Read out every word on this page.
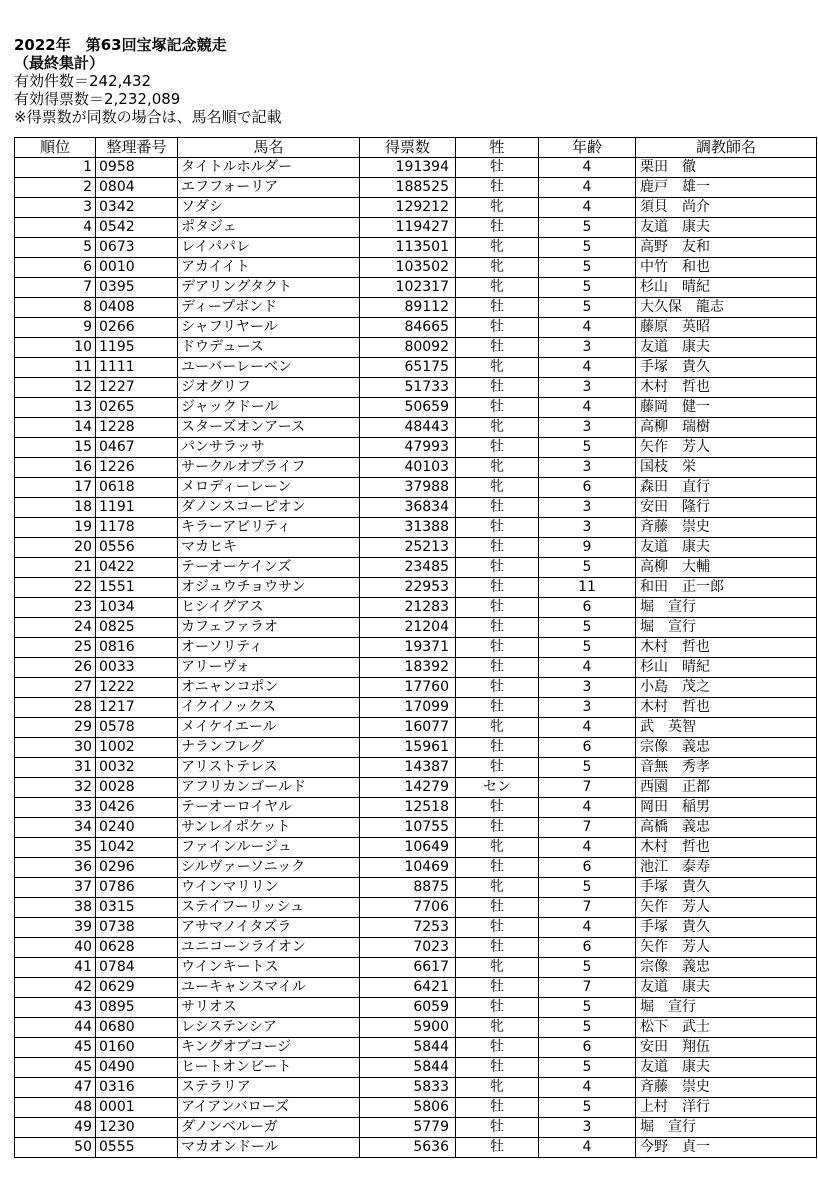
2022年　第63回宝塚記念競走
（最終集計）
有効件数＝242,432
有効得票数＝2,232,089
※得票数が同数の場合は、馬名順で記載
順位	整理番号	馬名	得票数	牲	年齢	調教師名
1	0958	タイトルホルダー	191394	牡	4	栗田　徹
2	0804	エフフォーリア	188525	牡	4	鹿戸　雄一
3	0342	ソダシ	129212	牝	4	須貝　尚介
4	0542	ポタジェ	119427	牡	5	友道　康夫
5	0673	レイパパレ	113501	牝	5	高野　友和
6	0010	アカイイト	103502	牝	5	中竹　和也
7	0395	デアリングタクト	102317	牝	5	杉山　晴紀
8	0408	ディープボンド	89112	牡	5	大久保　龍志
9	0266	シャフリヤール	84665	牡	4	藤原　英昭
10	1195	ドウデュース	80092	牡	3	友道　康夫
11	1111	ユーバーレーベン	65175	牝	4	手塚　貴久
12	1227	ジオグリフ	51733	牡	3	木村　哲也
13	0265	ジャックドール	50659	牡	4	藤岡　健一
14	1228	スターズオンアース	48443	牝	3	高柳　瑞樹
15	0467	パンサラッサ	47993	牡	5	矢作　芳人
16	1226	サークルオブライフ	40103	牝	3	国枝　栄
17	0618	メロディーレーン	37988	牝	6	森田　直行
18	1191	ダノンスコーピオン	36834	牡	3	安田　隆行
19	1178	キラーアビリティ	31388	牡	3	斉藤　崇史
20	0556	マカヒキ	25213	牡	9	友道　康夫
21	0422	テーオーケインズ	23485	牡	5	高柳　大輔
22	1551	オジュウチョウサン	22953	牡	11	和田　正一郎
23	1034	ヒシイグアス	21283	牡	6	堀　宣行
24	0825	カフェファラオ	21204	牡	5	堀　宣行
25	0816	オーソリティ	19371	牡	5	木村　哲也
26	0033	アリーヴォ	18392	牡	4	杉山　晴紀
27	1222	オニャンコポン	17760	牡	3	小島　茂之
28	1217	イクイノックス	17099	牡	3	木村　哲也
29	0578	メイケイエール	16077	牝	4	武　英智
30	1002	ナランフレグ	15961	牡	6	宗像　義忠
31	0032	アリストテレス	14387	牡	5	音無　秀孝
32	0028	アフリカンゴールド	14279	セン	7	西園　正都
33	0426	テーオーロイヤル	12518	牡	4	岡田　稲男
34	0240	サンレイポケット	10755	牡	7	高橋　義忠
35	1042	ファインルージュ	10649	牝	4	木村　哲也
36	0296	シルヴァーソニック	10469	牡	6	池江　泰寿
37	0786	ウインマリリン	8875	牝	5	手塚　貴久
38	0315	ステイフーリッシュ	7706	牡	7	矢作　芳人
39	0738	アサマノイタズラ	7253	牡	4	手塚　貴久
40	0628	ユニコーンライオン	7023	牡	6	矢作　芳人
41	0784	ウインキートス	6617	牝	5	宗像　義忠
42	0629	ユーキャンスマイル	6421	牡	7	友道　康夫
43	0895	サリオス	6059	牡	5	堀　宣行
44	0680	レシステンシア	5900	牝	5	松下　武士
45	0160	キングオブコージ	5844	牡	6	安田　翔伍
45	0490	ヒートオンビート	5844	牡	5	友道　康夫
47	0316	ステラリア	5833	牝	4	斉藤　崇史
48	0001	アイアンバローズ	5806	牡	5	上村　洋行
49	1230	ダノンベルーガ	5779	牡	3	堀　宣行
50	0555	マカオンドール	5636	牡	4	今野　貞一
